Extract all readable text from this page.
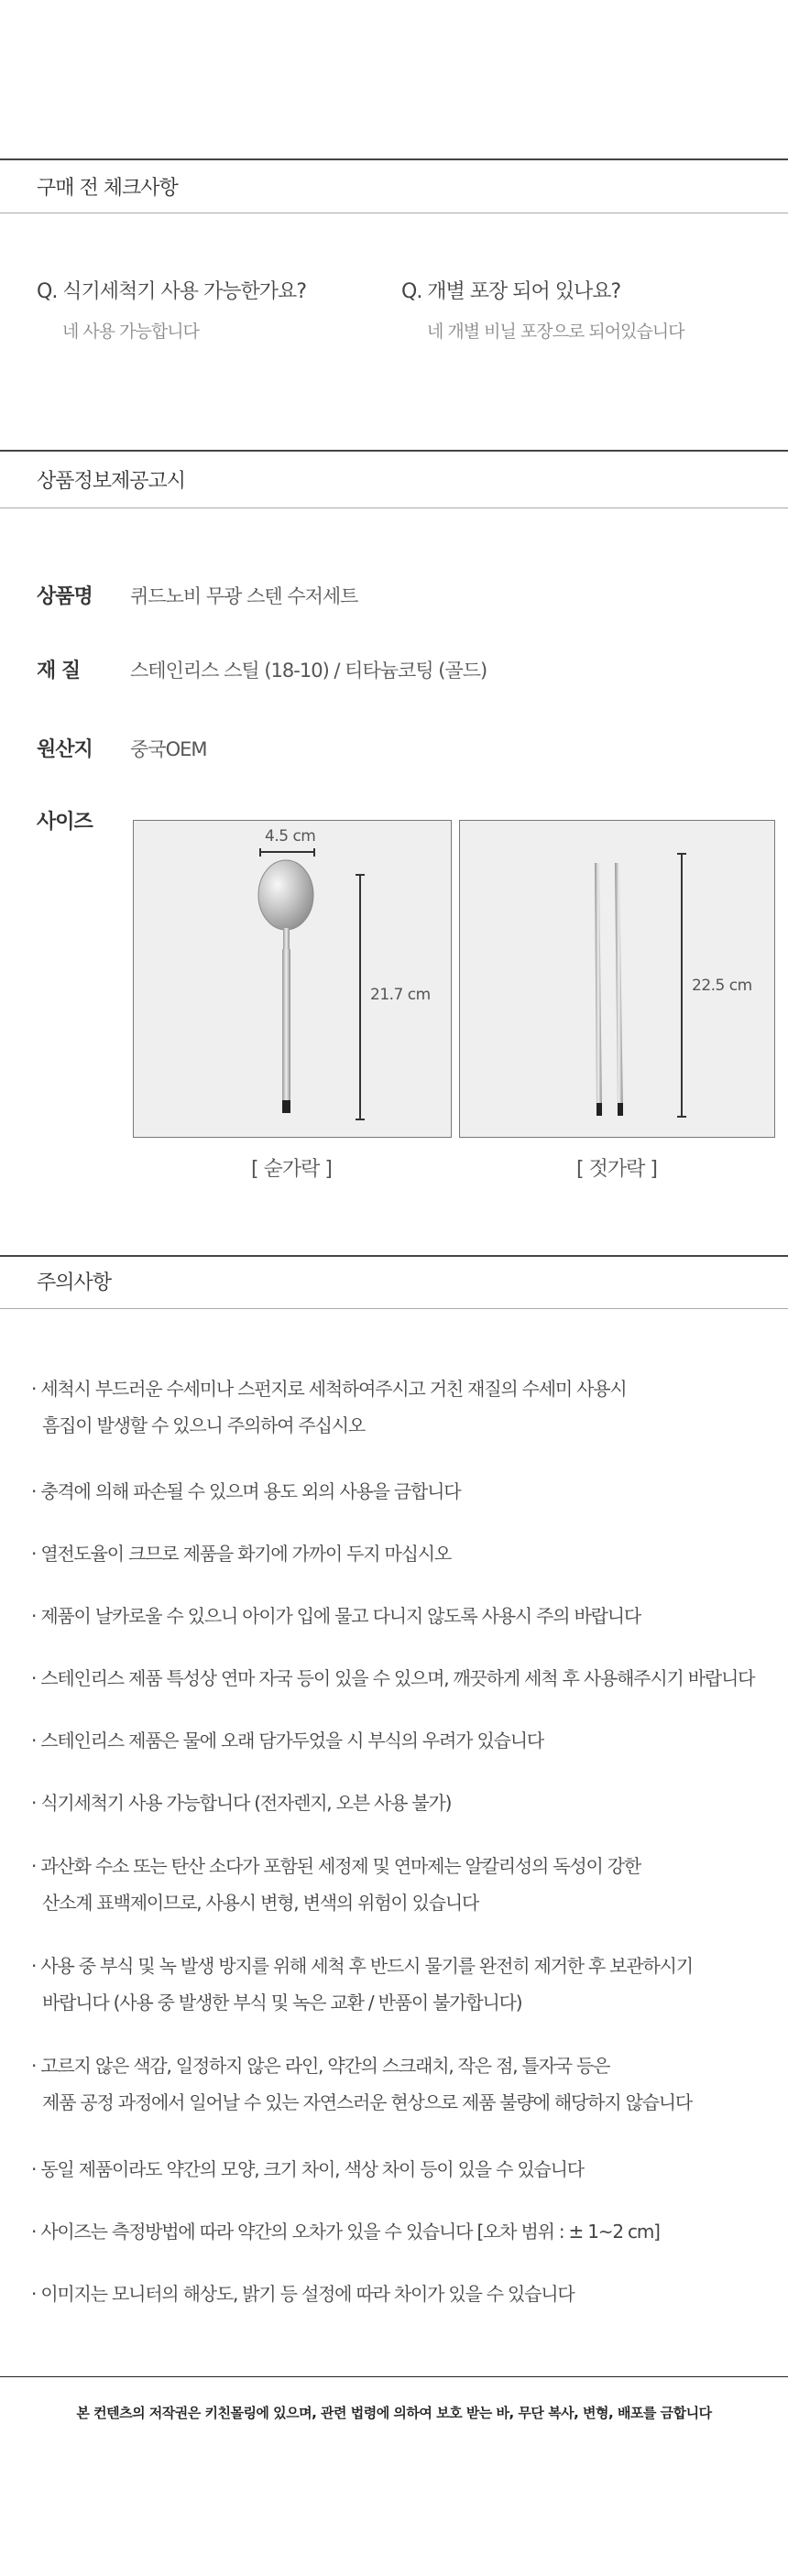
구매 전 체크사항
Q. 식기세척기 사용 가능한가요?
네 사용 가능합니다
Q. 개별 포장 되어 있나요?
네 개별 비닐 포장으로 되어있습니다
상품정보제공고시
상품명 퀴드노비 무광 스텐 수저세트
재 질	스테인리스 스틸 (18-10) / 티타늄코팅 (골드)
원산지 중국OEM
사이즈
4.5 cm
21.7 cm
[ 숟가락 ]
22.5 cm
[ 젓가락 ]
주의사항
· 세척시 부드러운 수세미나 스펀지로 세척하여주시고 거친 재질의 수세미 사용시
흠집이 발생할 수 있으니 주의하여 주십시오
· 충격에 의해 파손될 수 있으며 용도 외의 사용을 금합니다
· 열전도율이 크므로 제품을 화기에 가까이 두지 마십시오
· 제품이 날카로울 수 있으니 아이가 입에 물고 다니지 않도록 사용시 주의 바랍니다
· 스테인리스 제품 특성상 연마 자국 등이 있을 수 있으며, 깨끗하게 세척 후 사용해주시기 바랍니다
· 스테인리스 제품은 물에 오래 담가두었을 시 부식의 우려가 있습니다
· 식기세척기 사용 가능합니다 (전자렌지, 오븐 사용 불가)
· 과산화 수소 또는 탄산 소다가 포함된 세정제 및 연마제는 알칼리성의 독성이 강한
산소계 표백제이므로, 사용시 변형, 변색의 위험이 있습니다
· 사용 중 부식 및 녹 발생 방지를 위해 세척 후 반드시 물기를 완전히 제거한 후 보관하시기
바랍니다 (사용 중 발생한 부식 및 녹은 교환 / 반품이 불가합니다)
· 고르지 않은 색감, 일정하지 않은 라인, 약간의 스크래치, 작은 점, 틀자국 등은
제품 공정 과정에서 일어날 수 있는 자연스러운 현상으로 제품 불량에 해당하지 않습니다
· 동일 제품이라도 약간의 모양, 크기 차이, 색상 차이 등이 있을 수 있습니다
· 사이즈는 측정방법에 따라 약간의 오차가 있을 수 있습니다 [오차 범위 : ± 1~2 cm]
· 이미지는 모니터의 해상도, 밝기 등 설정에 따라 차이가 있을 수 있습니다
본 컨텐츠의 저작권은 키친몰링에 있으며, 관련 법령에 의하여 보호 받는 바, 무단 복사, 변형, 배포를 금합니다
